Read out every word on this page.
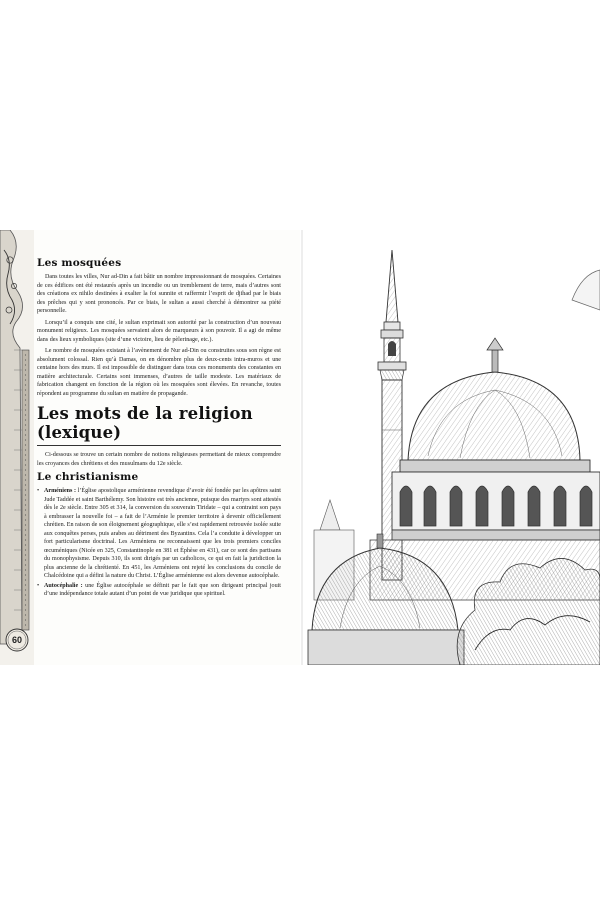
60
Les mosquées

Dans toutes les villes, Nur ad-Din a fait bâtir un nombre impressionnant de mosquées. Certaines de ces édifices ont été restaurés après un incendie ou un tremblement de terre, mais d’autres sont des créations ex nihilo destinées à exalter la foi sunnite et raffermir l’esprit de djihad par le biais des prêches qui y sont prononcés. Par ce biais, le sultan a aussi cherché à démontrer sa piété personnelle.

Lorsqu’il a conquis une cité, le sultan exprimait son autorité par la construction d’un nouveau monument religieux. Les mosquées servaient alors de marqueurs à son pouvoir. Il a agi de même dans des lieux symboliques (site d’une victoire, lieu de pèlerinage, etc.).

Le nombre de mosquées existant à l’avènement de Nur ad-Din ou construites sous son règne est absolument colossal. Rien qu’à Damas, on en dénombre plus de deux-cents intra-muros et une centaine hors des murs. Il est impossible de distinguer dans tous ces monuments des constantes en matière architecturale. Certains sont immenses, d’autres de taille modeste. Les matériaux de fabrication changent en fonction de la région où les mosquées sont élevées. En revanche, toutes répondent au programme du sultan en matière de propagande.

Les mots de la religion (lexique)

Ci-dessous se trouve un certain nombre de notions religieuses permettant de mieux comprendre les croyances des chrétiens et des musulmans du 12e siècle.

Le christianisme
• Arméniens : l’Église apostolique arménienne revendique d’avoir été fondée par les apôtres saint Jude Taddée et saint Barthélemy. Son histoire est très ancienne, puisque des martyrs sont attestés dès le 2e siècle. Entre 305 et 314, la conversion du souverain Tiridate – qui a contraint son pays à embrasser la nouvelle foi – a fait de l’Arménie le premier territoire à devenir officiellement chrétien. En raison de son éloignement géographique, elle s’est rapidement retrouvée isolée suite aux conquêtes perses, puis arabes au détriment des Byzantins. Cela l’a conduite à développer un fort particularisme doctrinal. Les Arméniens ne reconnaissent que les trois premiers conciles œcuméniques (Nicée en 325, Constantinople en 381 et Éphèse en 431), car ce sont des partisans du monophysisme. Depuis 310, ils sont dirigés par un catholicos, ce qui en fait la juridiction la plus ancienne de la chrétienté. En 451, les Arméniens ont rejeté les conclusions du concile de Chalcédoine qui a défini la nature du Christ. L’Église arménienne est alors devenue autocéphale.
• Autocéphalie : une Église autocéphale se définit par le fait que son dirigeant principal jouit d’une indépendance totale autant d’un point de vue juridique que spirituel.
